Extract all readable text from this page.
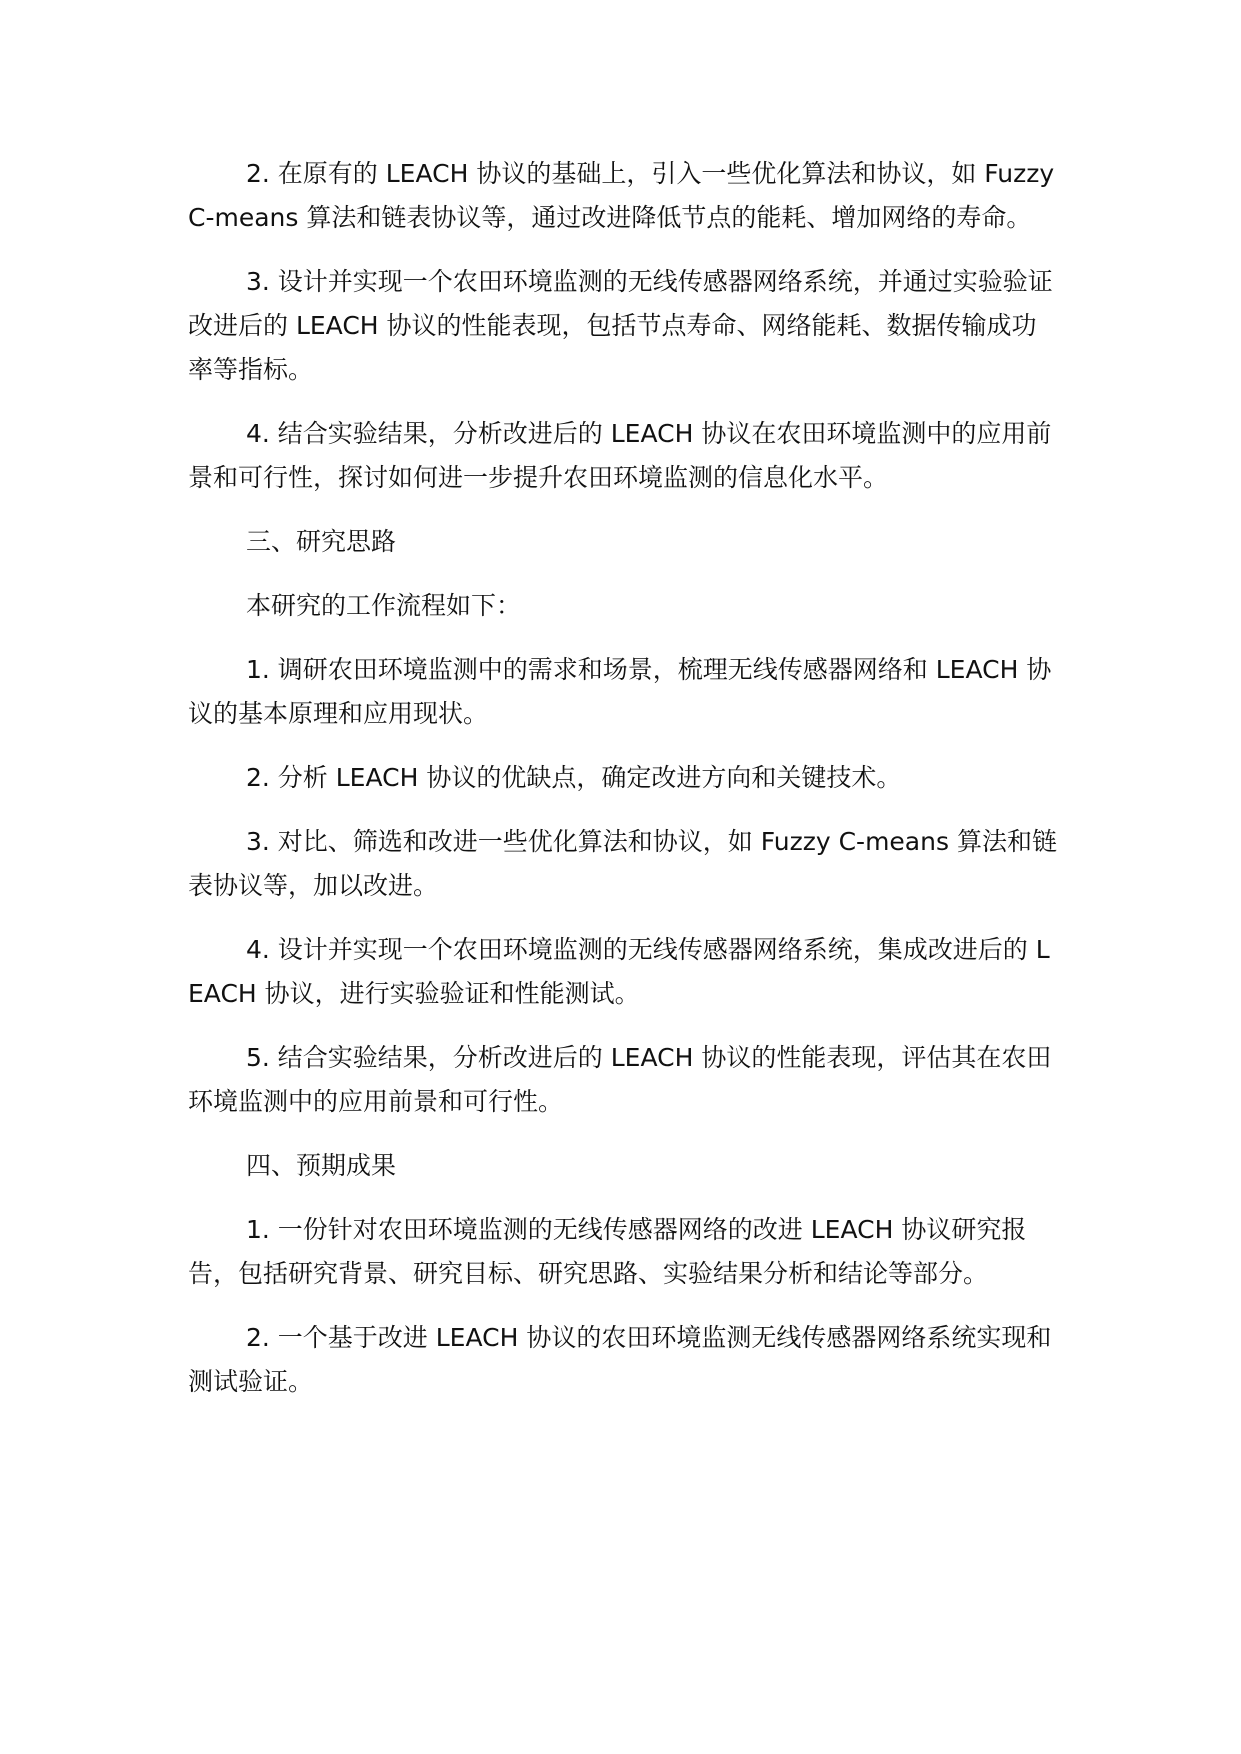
2. 在原有的 LEACH 协议的基础上，引入一些优化算法和协议，如 Fuzzy C-means 算法和链表协议等，通过改进降低节点的能耗、增加网络的寿命。

3. 设计并实现一个农田环境监测的无线传感器网络系统，并通过实验验证改进后的 LEACH 协议的性能表现，包括节点寿命、网络能耗、数据传输成功率等指标。

4. 结合实验结果，分析改进后的 LEACH 协议在农田环境监测中的应用前景和可行性，探讨如何进一步提升农田环境监测的信息化水平。

三、研究思路

本研究的工作流程如下：

1. 调研农田环境监测中的需求和场景，梳理无线传感器网络和 LEACH 协议的基本原理和应用现状。

2. 分析 LEACH 协议的优缺点，确定改进方向和关键技术。

3. 对比、筛选和改进一些优化算法和协议，如 Fuzzy C-means 算法和链表协议等，加以改进。

4. 设计并实现一个农田环境监测的无线传感器网络系统，集成改进后的 LEACH 协议，进行实验验证和性能测试。

5. 结合实验结果，分析改进后的 LEACH 协议的性能表现，评估其在农田环境监测中的应用前景和可行性。

四、预期成果

1. 一份针对农田环境监测的无线传感器网络的改进 LEACH 协议研究报告，包括研究背景、研究目标、研究思路、实验结果分析和结论等部分。

2. 一个基于改进 LEACH 协议的农田环境监测无线传感器网络系统实现和测试验证。
